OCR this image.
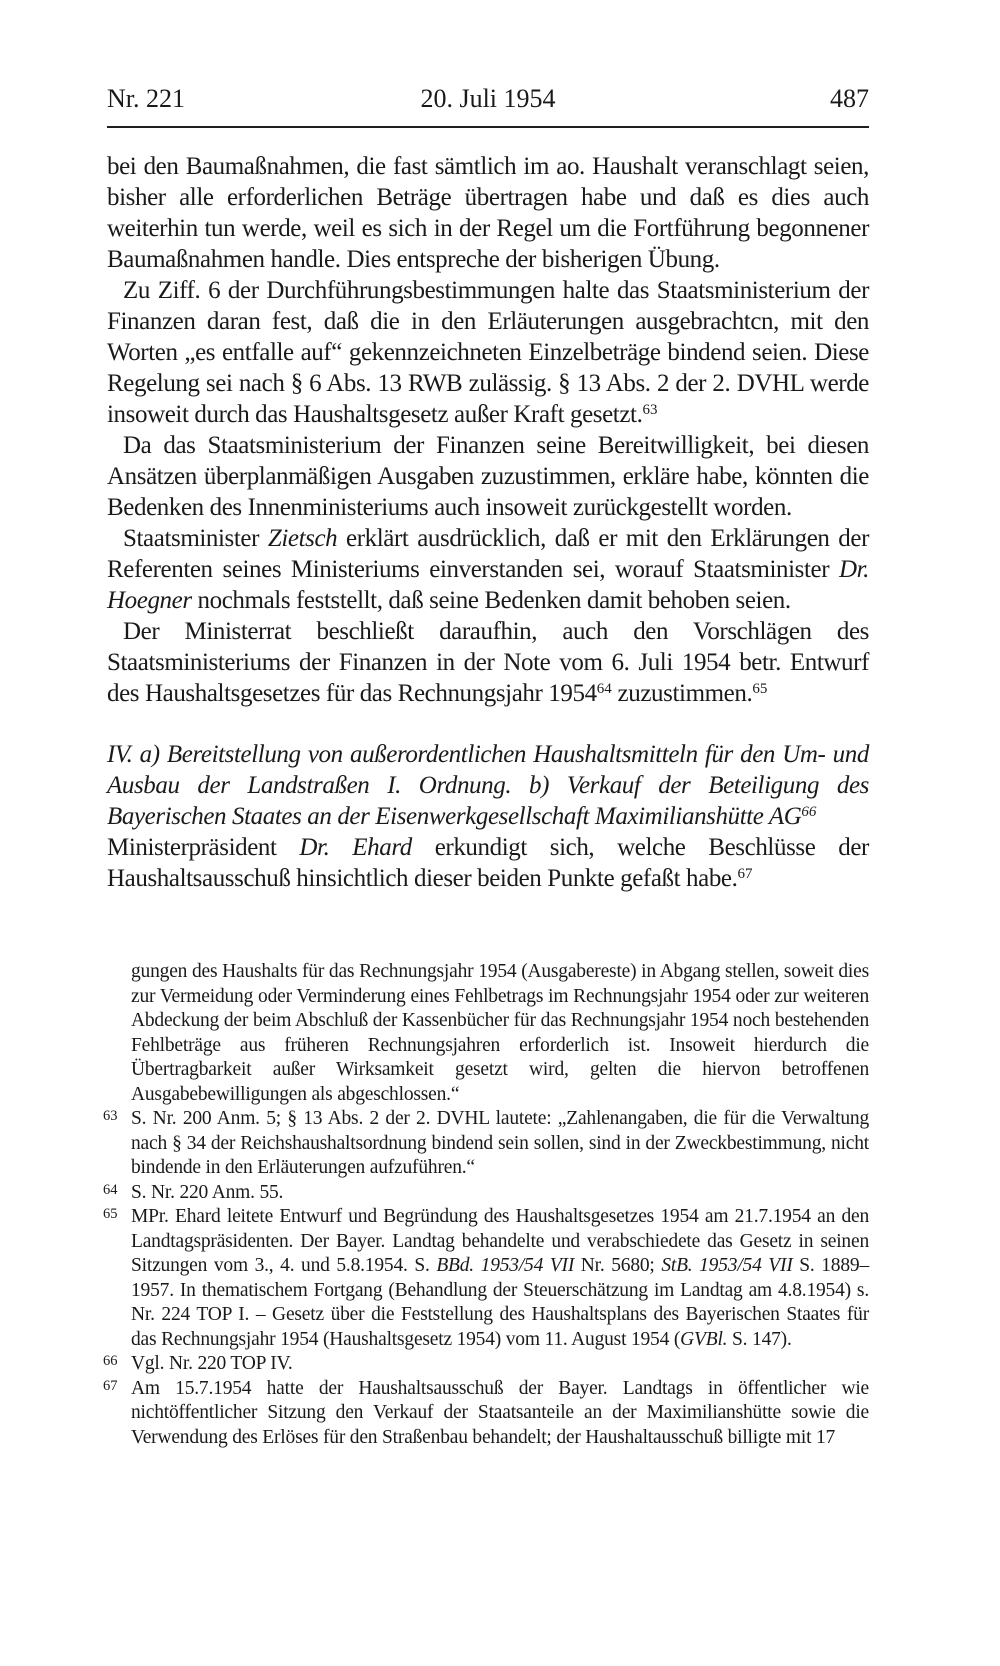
Nr. 221	20. Juli 1954	487

bei den Baumaßnahmen, die fast sämtlich im ao. Haushalt veranschlagt seien, bisher alle erforderlichen Beträge übertragen habe und daß es dies auch weiterhin tun werde, weil es sich in der Regel um die Fortführung begonnener Baumaßnahmen handle. Dies entspreche der bisherigen Übung.

Zu Ziff. 6 der Durchführungsbestimmungen halte das Staatsministerium der Finanzen daran fest, daß die in den Erläuterungen ausgebrachtcn, mit den Worten „es entfalle auf“ gekennzeichneten Einzelbeträge bindend seien. Diese Regelung sei nach § 6 Abs. 13 RWB zulässig. § 13 Abs. 2 der 2. DVHL werde insoweit durch das Haushaltsgesetz außer Kraft gesetzt.$^{63}$

Da das Staatsministerium der Finanzen seine Bereitwilligkeit, bei diesen Ansätzen überplanmäßigen Ausgaben zuzustimmen, erkläre habe, könnten die Bedenken des Innenministeriums auch insoweit zurückgestellt worden.

Staatsminister Zietsch erklärt ausdrücklich, daß er mit den Erklärungen der Referenten seines Ministeriums einverstanden sei, worauf Staatsminister Dr. Hoegner nochmals feststellt, daß seine Bedenken damit behoben seien.

Der Ministerrat beschließt daraufhin, auch den Vorschlägen des Staatsministeriums der Finanzen in der Note vom 6. Juli 1954 betr. Entwurf des Haushaltsgesetzes für das Rechnungsjahr 1954$^{64}$ zuzustimmen.$^{65}$

IV. a) Bereitstellung von außerordentlichen Haushaltsmitteln für den Um- und Ausbau der Landstraßen I. Ordnung. b) Verkauf der Beteiligung des Bayerischen Staates an der Eisenwerkgesellschaft Maximilianshütte AG$^{66}$

Ministerpräsident Dr. Ehard erkundigt sich, welche Beschlüsse der Haushaltsausschuß hinsichtlich dieser beiden Punkte gefaßt habe.$^{67}$

gungen des Haushalts für das Rechnungsjahr 1954 (Ausgabereste) in Abgang stellen, soweit dies zur Vermeidung oder Verminderung eines Fehlbetrags im Rechnungsjahr 1954 oder zur weiteren Abdeckung der beim Abschluß der Kassenbücher für das Rechnungsjahr 1954 noch bestehenden Fehlbeträge aus früheren Rechnungsjahren erforderlich ist. Insoweit hierdurch die Übertragbarkeit außer Wirksamkeit gesetzt wird, gelten die hiervon betroffenen Ausgabebewilligungen als abgeschlossen.“
63 S. Nr. 200 Anm. 5; § 13 Abs. 2 der 2. DVHL lautete: „Zahlenangaben, die für die Verwaltung nach § 34 der Reichshaushaltsordnung bindend sein sollen, sind in der Zweckbestimmung, nicht bindende in den Erläuterungen aufzuführen.“
64 S. Nr. 220 Anm. 55.
65 MPr. Ehard leitete Entwurf und Begründung des Haushaltsgesetzes 1954 am 21.7.1954 an den Landtagspräsidenten. Der Bayer. Landtag behandelte und verabschiedete das Gesetz in seinen Sitzungen vom 3., 4. und 5.8.1954. S. BBd. 1953/54 VII Nr. 5680; StB. 1953/54 VII S. 1889–1957. In thematischem Fortgang (Behandlung der Steuerschätzung im Landtag am 4.8.1954) s. Nr. 224 TOP I. – Gesetz über die Feststellung des Haushaltsplans des Bayerischen Staates für das Rechnungsjahr 1954 (Haushaltsgesetz 1954) vom 11. August 1954 (GVBl. S. 147).
66 Vgl. Nr. 220 TOP IV.
67 Am 15.7.1954 hatte der Haushaltsausschuß der Bayer. Landtags in öffentlicher wie nichtöffentlicher Sitzung den Verkauf der Staatsanteile an der Maximilianshütte sowie die Verwendung des Erlöses für den Straßenbau behandelt; der Haushaltausschuß billigte mit 17
